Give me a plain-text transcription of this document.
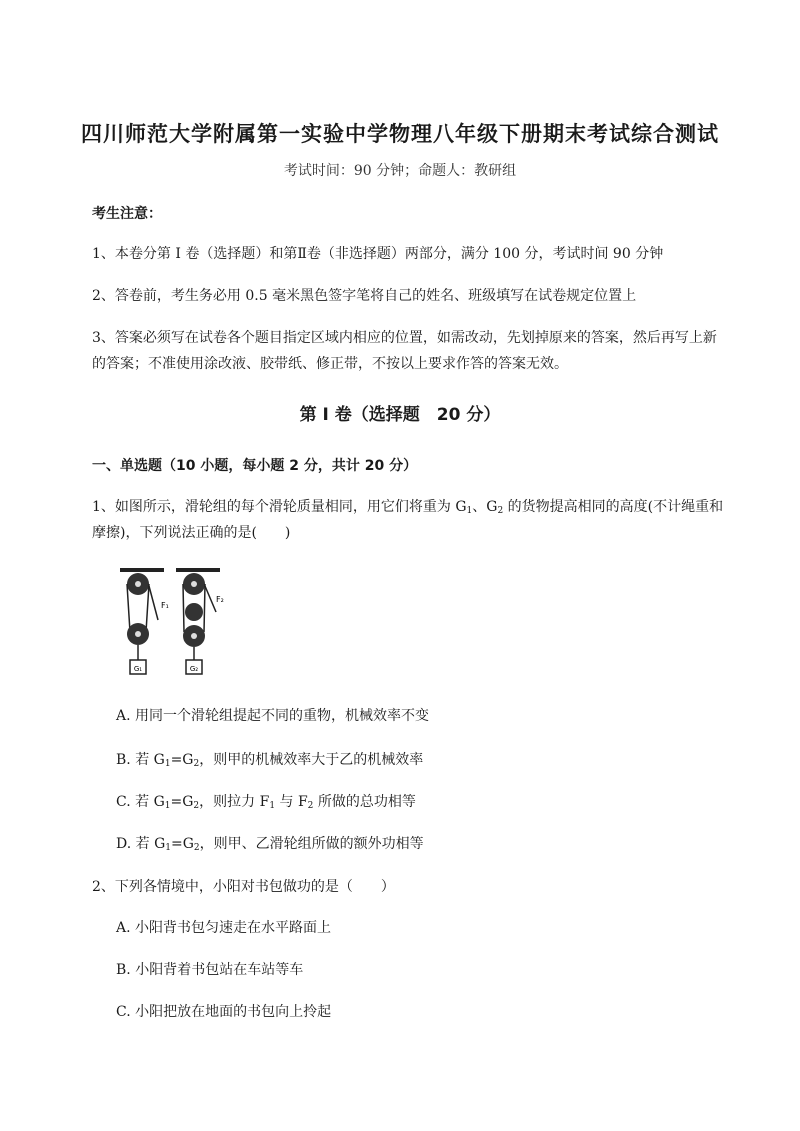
四川师范大学附属第一实验中学物理八年级下册期末考试综合测试
考试时间：90 分钟；命题人：教研组
考生注意：
1、本卷分第 I 卷（选择题）和第Ⅱ卷（非选择题）两部分，满分 100 分，考试时间 90 分钟
2、答卷前，考生务必用 0.5 毫米黑色签字笔将自己的姓名、班级填写在试卷规定位置上
3、答案必须写在试卷各个题目指定区域内相应的位置，如需改动，先划掉原来的答案，然后再写上新
的答案；不准使用涂改液、胶带纸、修正带，不按以上要求作答的答案无效。
第 I 卷（选择题　20 分）
一、单选题（10 小题，每小题 2 分，共计 20 分）
1、如图所示，滑轮组的每个滑轮质量相同，用它们将重为 $G_1$、$G_2$ 的货物提高相同的高度(不计绳重和
摩擦)，下列说法正确的是(　　)
G₁
F₁
G₂
F₂
A. 用同一个滑轮组提起不同的重物，机械效率不变
B. 若 $G_1=G_2$，则甲的机械效率大于乙的机械效率
C. 若 $G_1=G_2$，则拉力 $F_1$ 与 $F_2$ 所做的总功相等
D. 若 $G_1=G_2$，则甲、乙滑轮组所做的额外功相等
2、下列各情境中，小阳对书包做功的是（　　）
A. 小阳背书包匀速走在水平路面上
B. 小阳背着书包站在车站等车
C. 小阳把放在地面的书包向上拎起
